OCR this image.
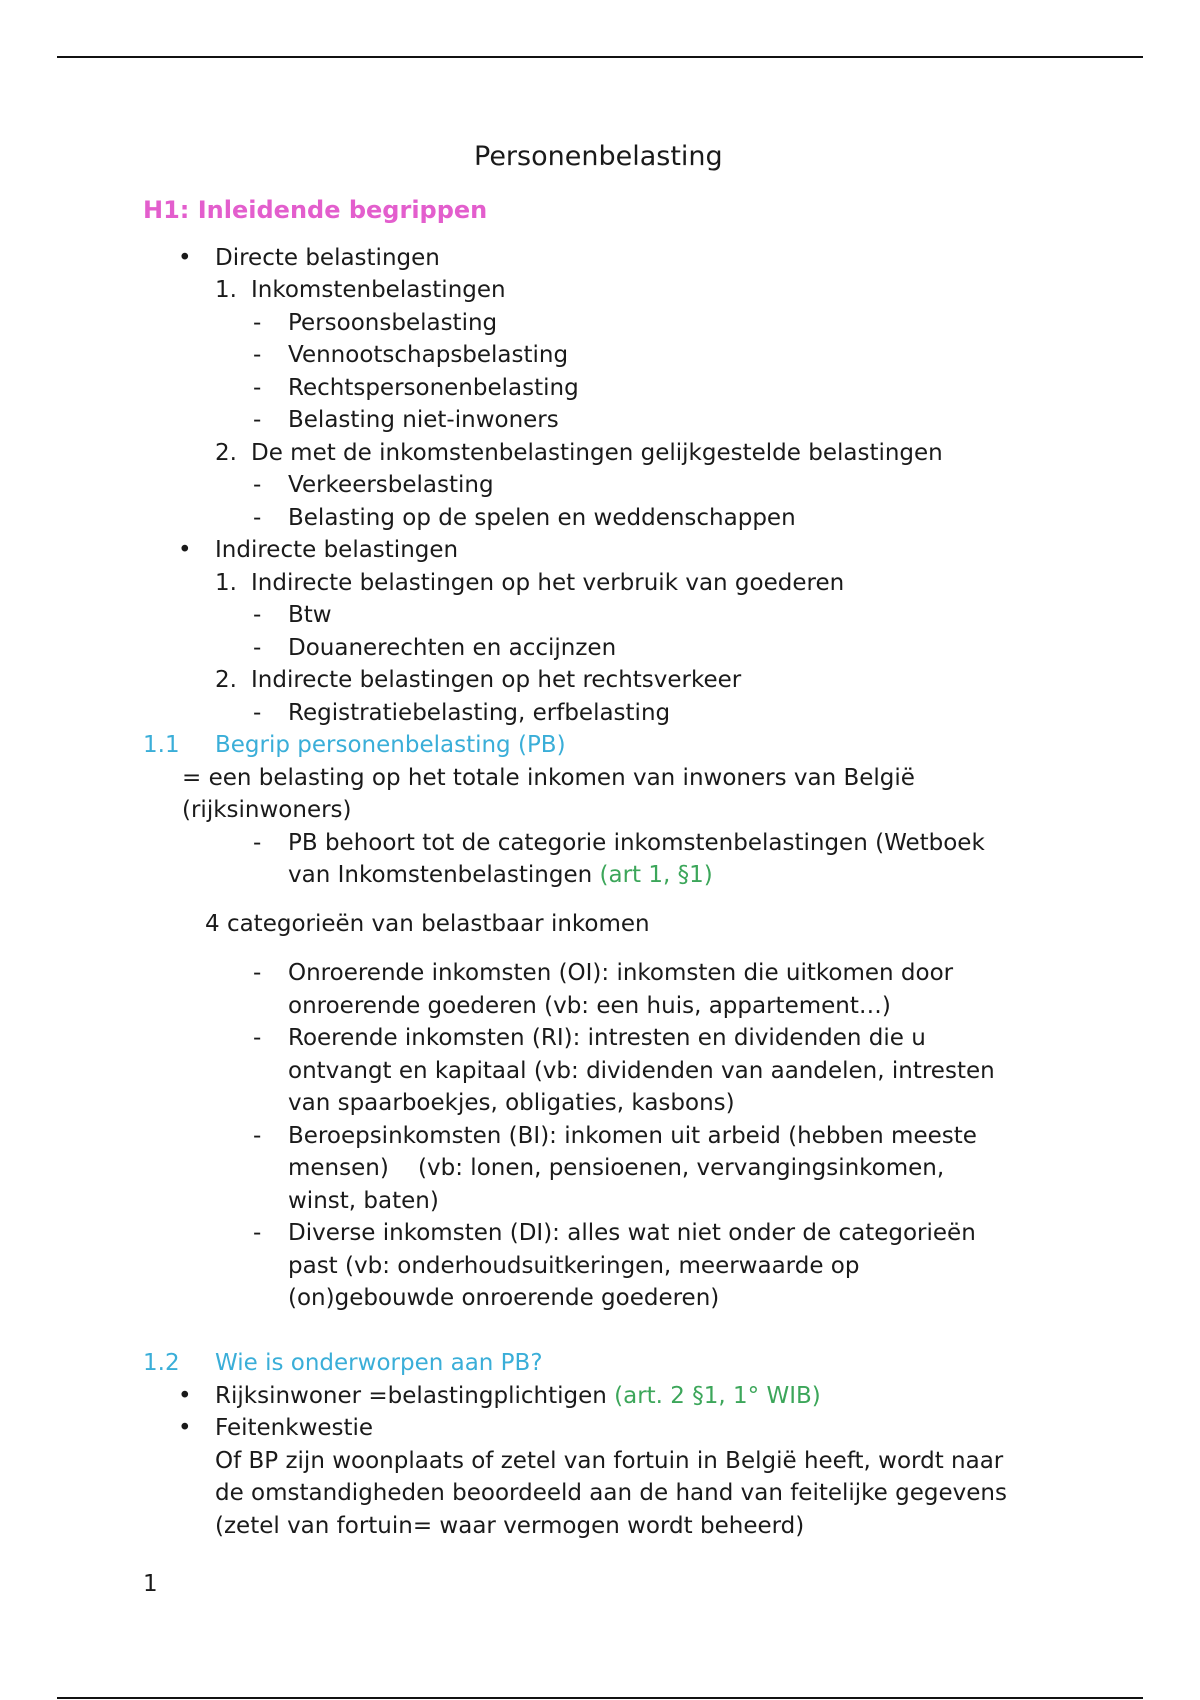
Personenbelasting
H1: Inleidende begrippen
• Directe belastingen
1. Inkomstenbelastingen
- Persoonsbelasting
- Vennootschapsbelasting
- Rechtspersonenbelasting
- Belasting niet-inwoners
2. De met de inkomstenbelastingen gelijkgestelde belastingen
- Verkeersbelasting
- Belasting op de spelen en weddenschappen
• Indirecte belastingen
1. Indirecte belastingen op het verbruik van goederen
- Btw
- Douanerechten en accijnzen
2. Indirecte belastingen op het rechtsverkeer
- Registratiebelasting, erfbelasting
1.1 Begrip personenbelasting (PB)
= een belasting op het totale inkomen van inwoners van België
(rijksinwoners)
- PB behoort tot de categorie inkomstenbelastingen (Wetboek
van Inkomstenbelastingen (art 1, §1)
4 categorieën van belastbaar inkomen
- Onroerende inkomsten (OI): inkomsten die uitkomen door
onroerende goederen (vb: een huis, appartement…)
- Roerende inkomsten (RI): intresten en dividenden die u
ontvangt en kapitaal (vb: dividenden van aandelen, intresten
van spaarboekjes, obligaties, kasbons)
- Beroepsinkomsten (BI): inkomen uit arbeid (hebben meeste
mensen)    (vb: lonen, pensioenen, vervangingsinkomen,
winst, baten)
- Diverse inkomsten (DI): alles wat niet onder de categorieën
past (vb: onderhoudsuitkeringen, meerwaarde op
(on)gebouwde onroerende goederen)
1.2 Wie is onderworpen aan PB?
• Rijksinwoner =belastingplichtigen (art. 2 §1, 1° WIB)
• Feitenkwestie
Of BP zijn woonplaats of zetel van fortuin in België heeft, wordt naar
de omstandigheden beoordeeld aan de hand van feitelijke gegevens
(zetel van fortuin= waar vermogen wordt beheerd)
1
